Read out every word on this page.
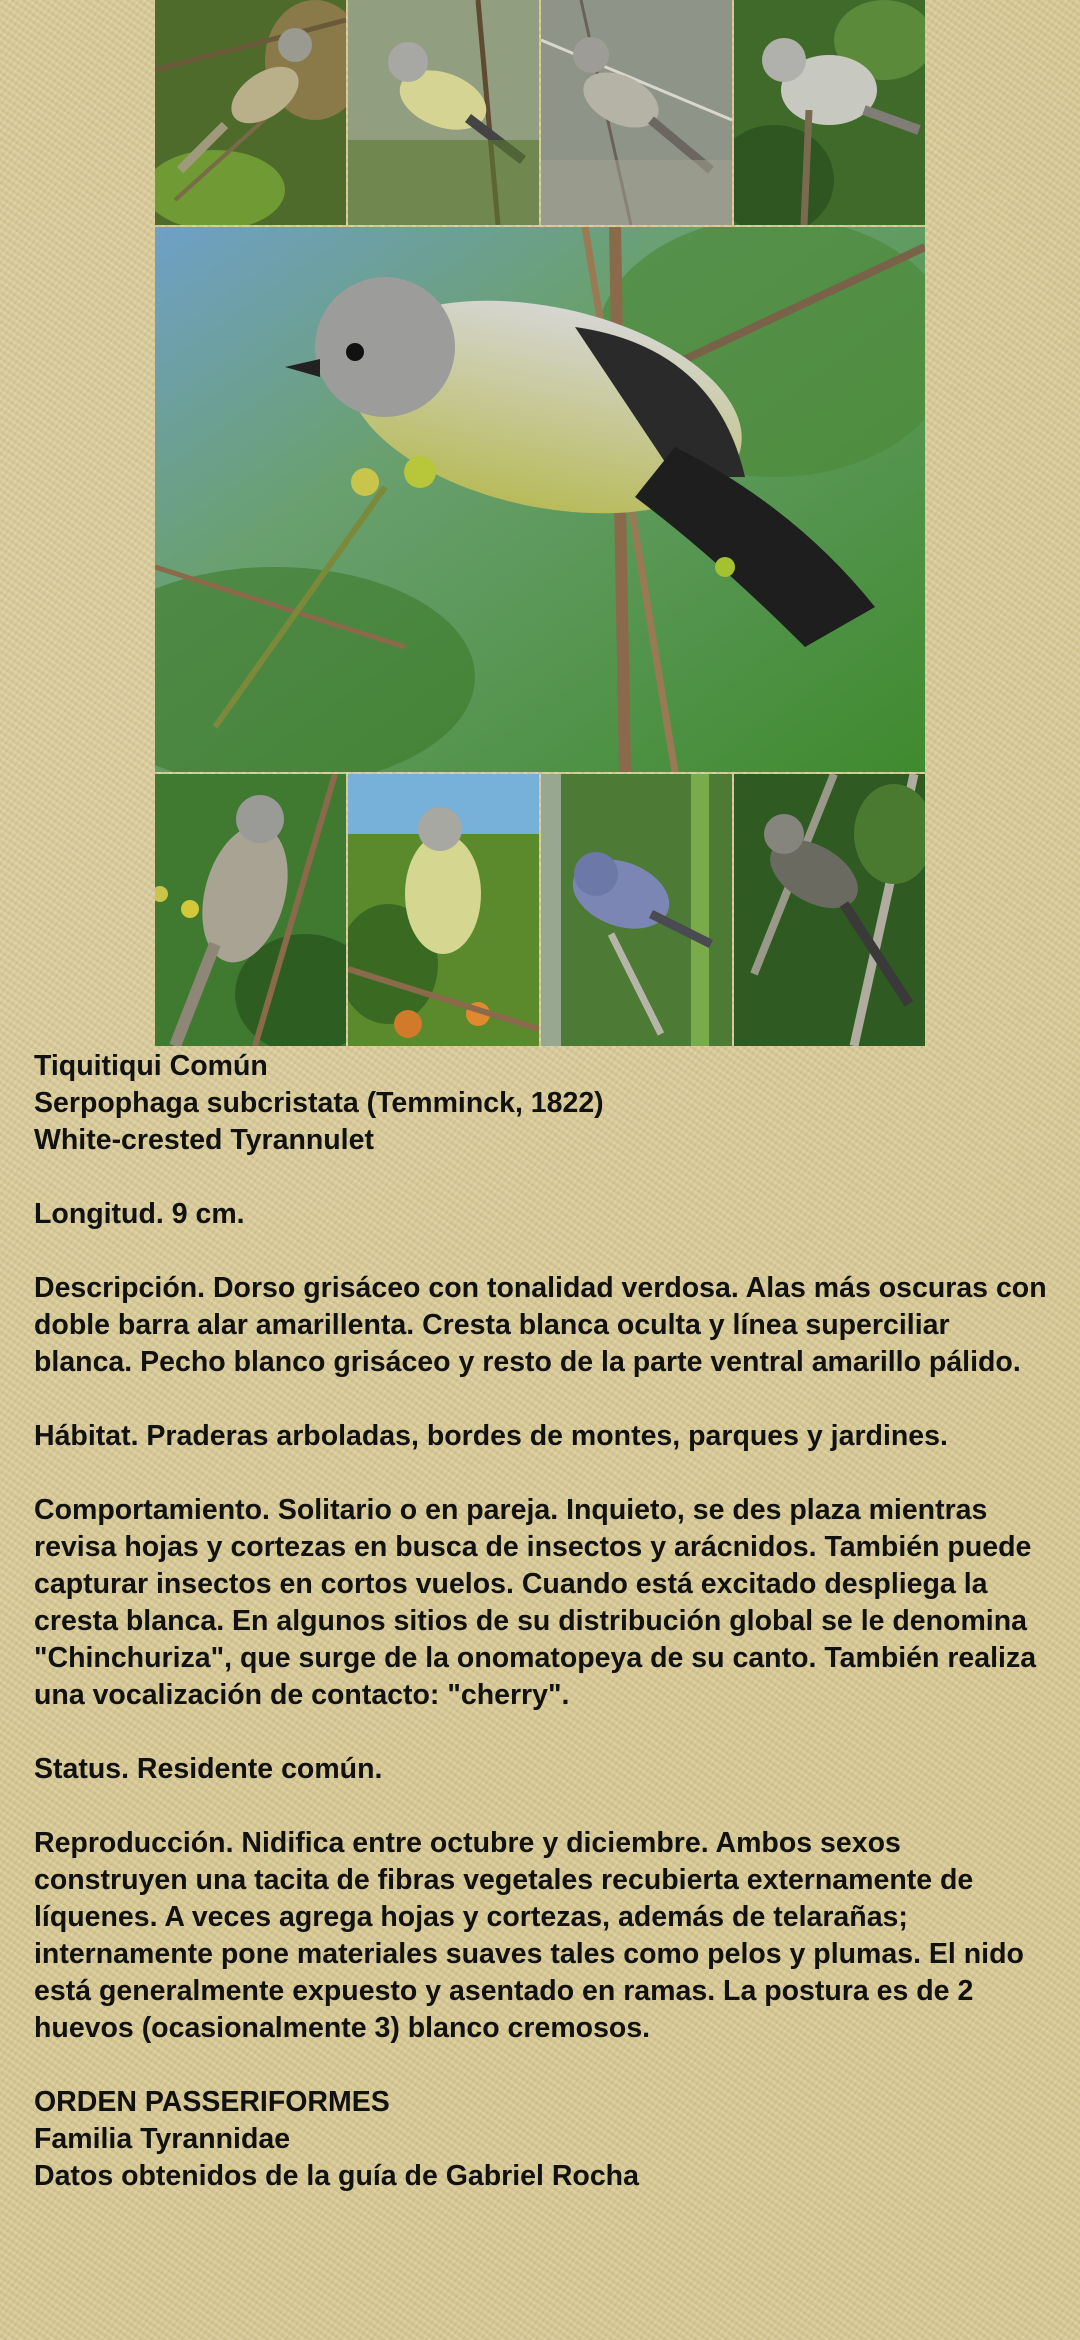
Tiquitiqui Común
Serpophaga subcristata (Temminck, 1822)
White-crested Tyrannulet

Longitud. 9 cm.

Descripción. Dorso grisáceo con tonalidad verdosa. Alas más oscuras con doble barra alar amarillenta. Cresta blanca oculta y línea superciliar blanca. Pecho blanco grisáceo y resto de la parte ventral amarillo pálido.

Hábitat. Praderas arboladas, bordes de montes, parques y jardines.

Comportamiento. Solitario o en pareja. Inquieto, se des plaza mientras revisa hojas y cortezas en busca de insectos y arácnidos. También puede capturar insectos en cortos vuelos. Cuando está excitado despliega la cresta blanca. En algunos sitios de su distribución global se le denomina "Chinchuriza", que surge de la onomatopeya de su canto. También realiza una vocalización de contacto: "cherry".

Status. Residente común.

Reproducción. Nidifica entre octubre y diciembre. Ambos sexos construyen una tacita de fibras vegetales recubierta externamente de líquenes. A veces agrega hojas y cortezas, además de telarañas; internamente pone materiales suaves tales como pelos y plumas. El nido está generalmente expuesto y asentado en ramas. La postura es de 2 huevos (ocasionalmente 3) blanco cremosos.

ORDEN PASSERIFORMES
Familia Tyrannidae
Datos obtenidos de la guía de Gabriel Rocha
